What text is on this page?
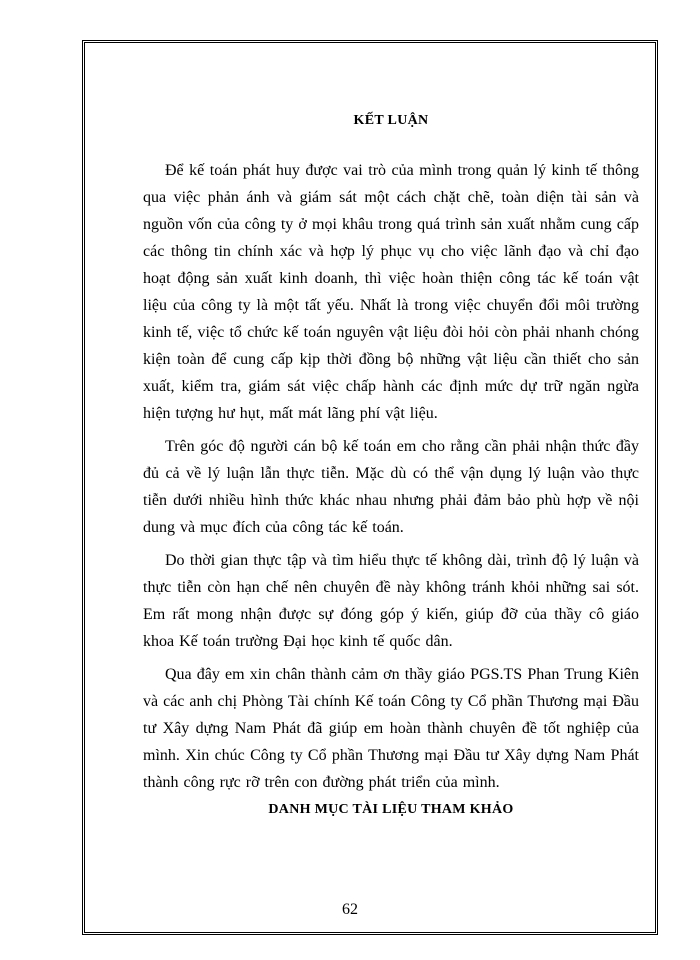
KẾT LUẬN

Để kế toán phát huy được vai trò của mình trong quản lý kinh tế thông qua việc phản ánh và giám sát một cách chặt chẽ, toàn diện tài sản và nguồn vốn của công ty ở mọi khâu trong quá trình sản xuất nhằm cung cấp các thông tin chính xác và hợp lý phục vụ cho việc lãnh đạo và chỉ đạo hoạt động sản xuất kinh doanh, thì việc hoàn thiện công tác kế toán vật liệu của công ty là một tất yếu. Nhất là trong việc chuyển đổi môi trường kinh tế, việc tổ chức kế toán nguyên vật liệu đòi hỏi còn phải nhanh chóng kiện toàn để cung cấp kịp thời đồng bộ những vật liệu cần thiết cho sản xuất, kiểm tra, giám sát việc chấp hành các định mức dự trữ ngăn ngừa hiện tượng hư hụt, mất mát lãng phí vật liệu.

Trên góc độ người cán bộ kế toán em cho rằng cần phải nhận thức đầy đủ cả về lý luận lẫn thực tiễn. Mặc dù có thể vận dụng lý luận vào thực tiễn dưới nhiều hình thức khác nhau nhưng phải đảm bảo phù hợp về nội dung và mục đích của công tác kế toán.

Do thời gian thực tập và tìm hiểu thực tế không dài, trình độ lý luận và thực tiễn còn hạn chế nên chuyên đề này không tránh khỏi những sai sót. Em rất mong nhận được sự đóng góp ý kiến, giúp đỡ của thầy cô giáo khoa Kế toán trường Đại học kinh tế quốc dân.

Qua đây em xin chân thành cảm ơn thầy giáo PGS.TS Phan Trung Kiên và các anh chị Phòng Tài chính Kế toán Công ty Cổ phần Thương mại Đầu tư Xây dựng Nam Phát đã giúp em hoàn thành chuyên đề tốt nghiệp của mình. Xin chúc Công ty Cổ phần Thương mại Đầu tư Xây dựng Nam Phát thành công rực rỡ trên con đường phát triển của mình.

DANH MỤC TÀI LIỆU THAM KHẢO
62
